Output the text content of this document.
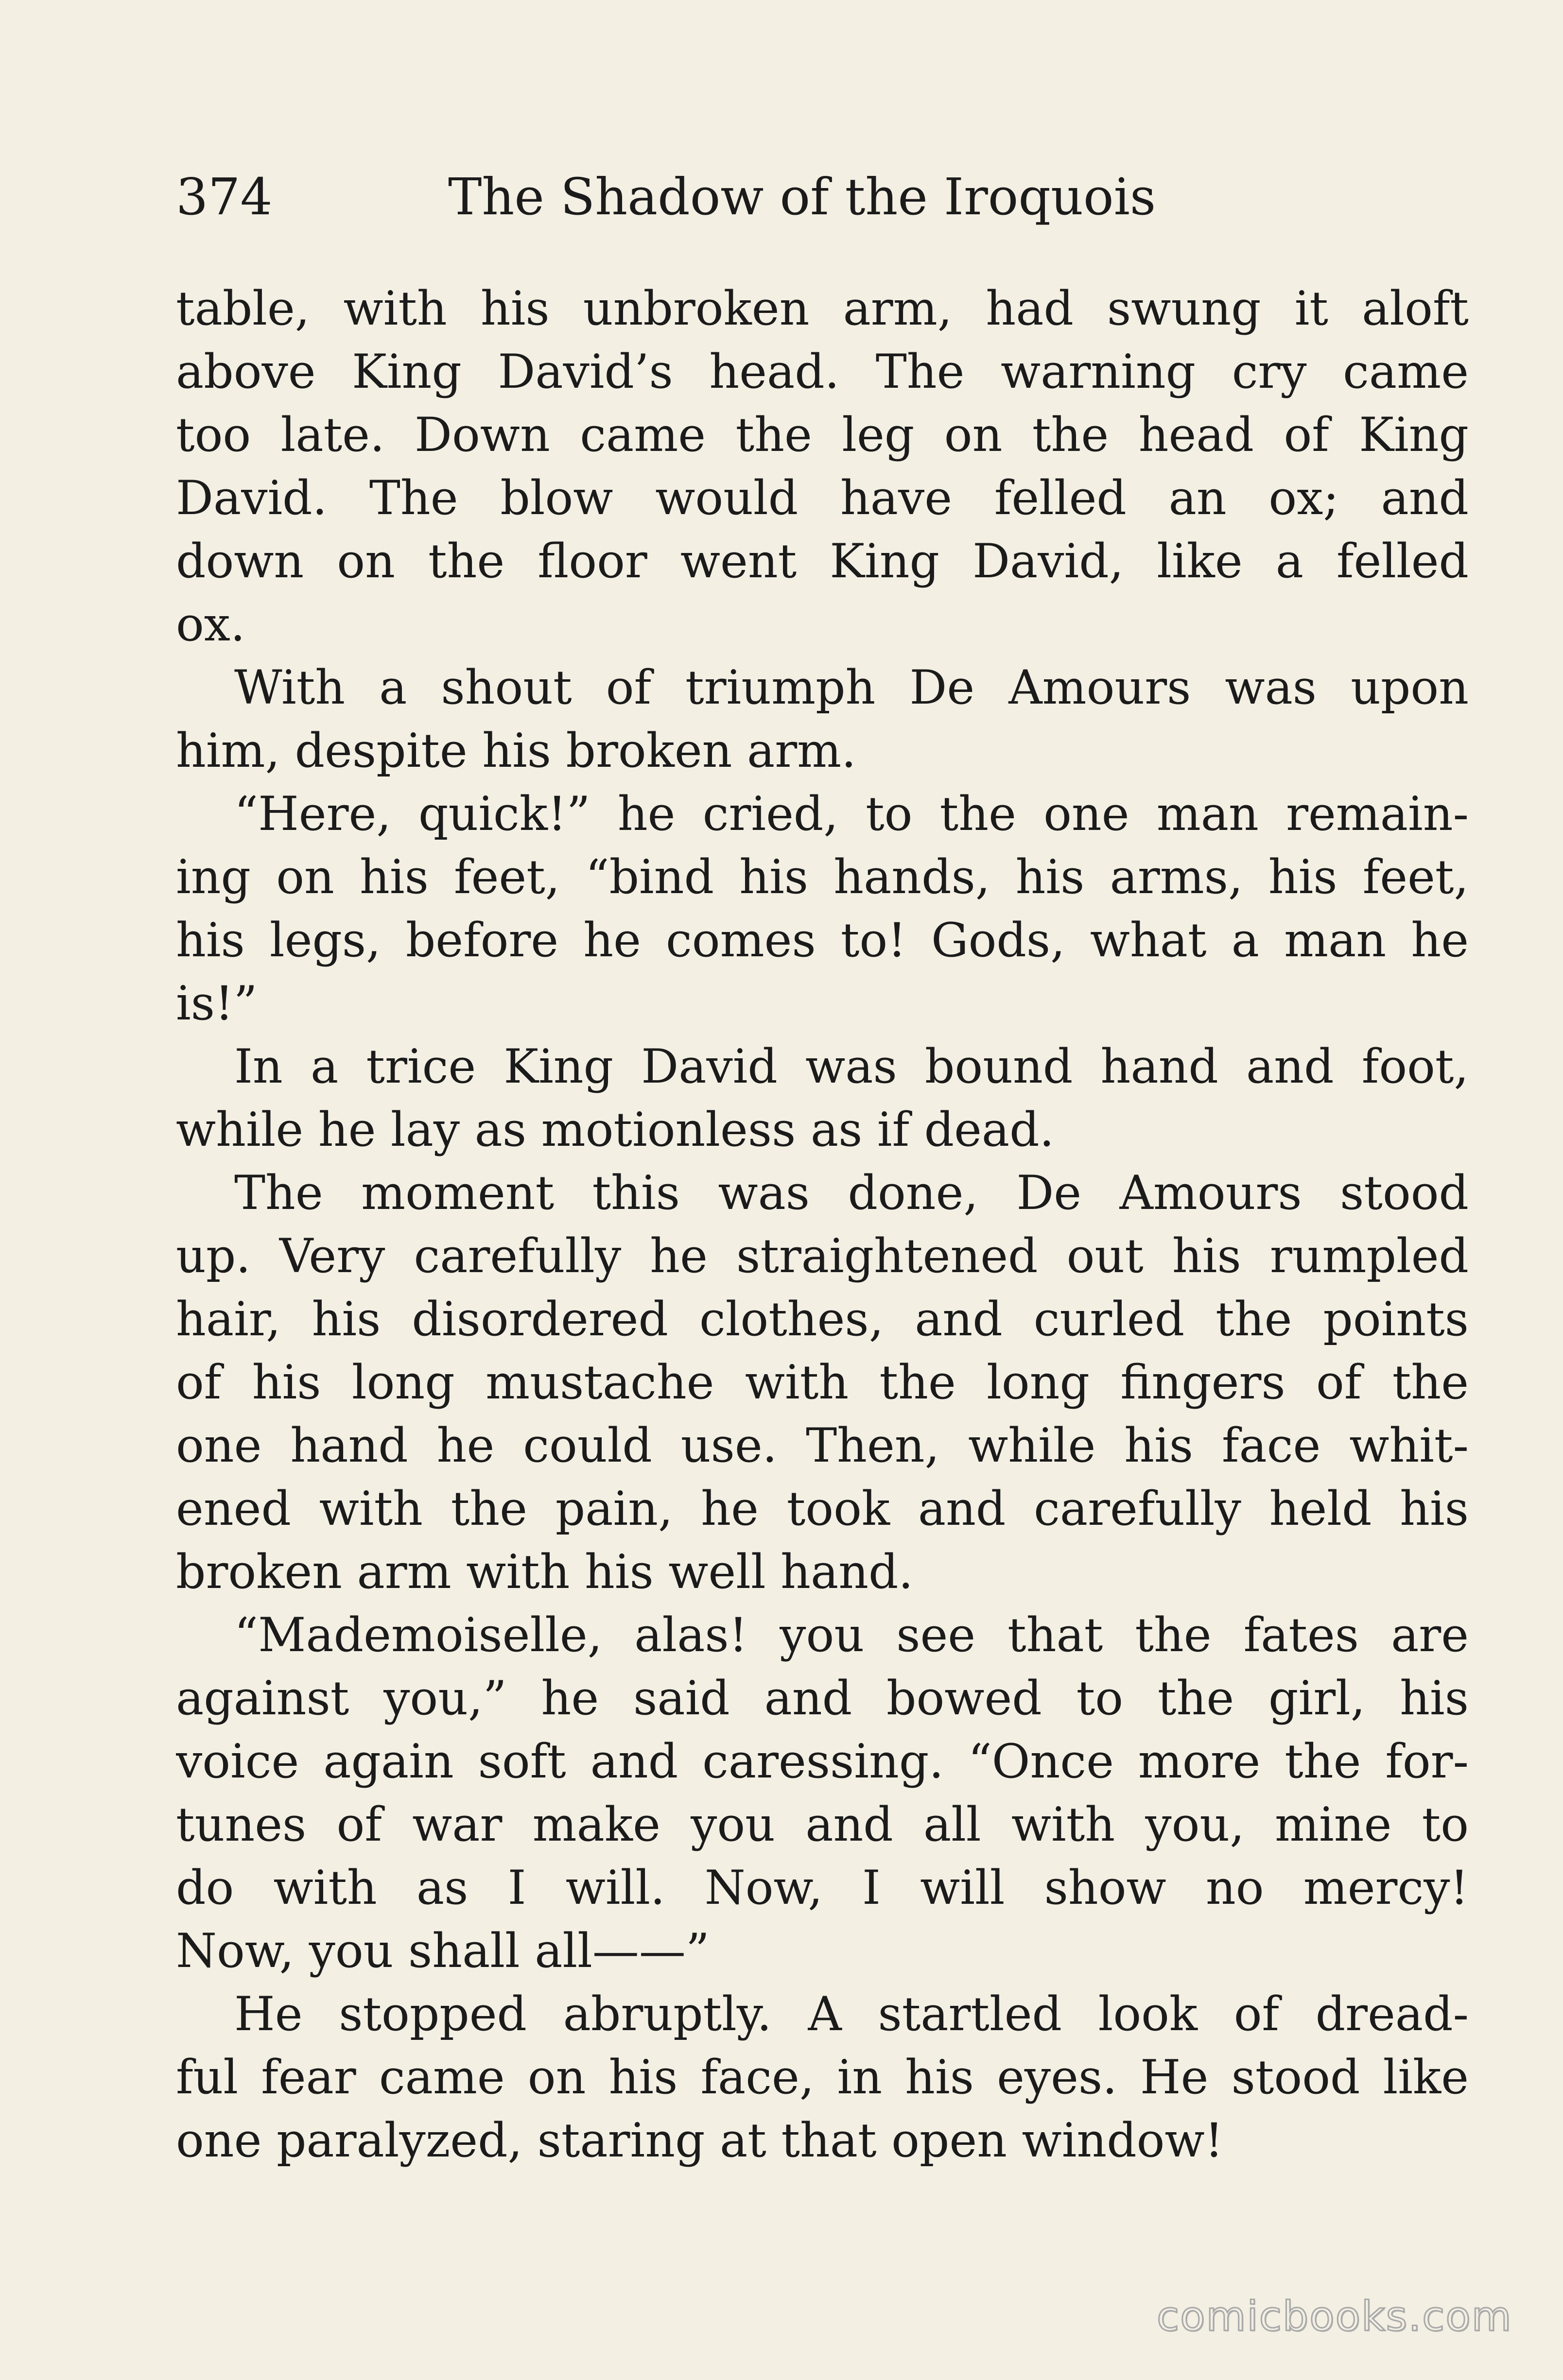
374	The Shadow of the Iroquois
table, with his unbroken arm, had swung it aloft
above King David’s head. The warning cry came
too late. Down came the leg on the head of King
David. The blow would have felled an ox; and
down on the floor went King David, like a felled
ox.
With a shout of triumph De Amours was upon
him, despite his broken arm.
“Here, quick!” he cried, to the one man remain-
ing on his feet, “bind his hands, his arms, his feet,
his legs, before he comes to! Gods, what a man he
is!”
In a trice King David was bound hand and foot,
while he lay as motionless as if dead.
The moment this was done, De Amours stood
up. Very carefully he straightened out his rumpled
hair, his disordered clothes, and curled the points
of his long mustache with the long fingers of the
one hand he could use. Then, while his face whit-
ened with the pain, he took and carefully held his
broken arm with his well hand.
“Mademoiselle, alas! you see that the fates are
against you,” he said and bowed to the girl, his
voice again soft and caressing. “Once more the for-
tunes of war make you and all with you, mine to
do with as I will. Now, I will show no mercy!
Now, you shall all——”
He stopped abruptly. A startled look of dread-
ful fear came on his face, in his eyes. He stood like
one paralyzed, staring at that open window!
comicbooks.com
